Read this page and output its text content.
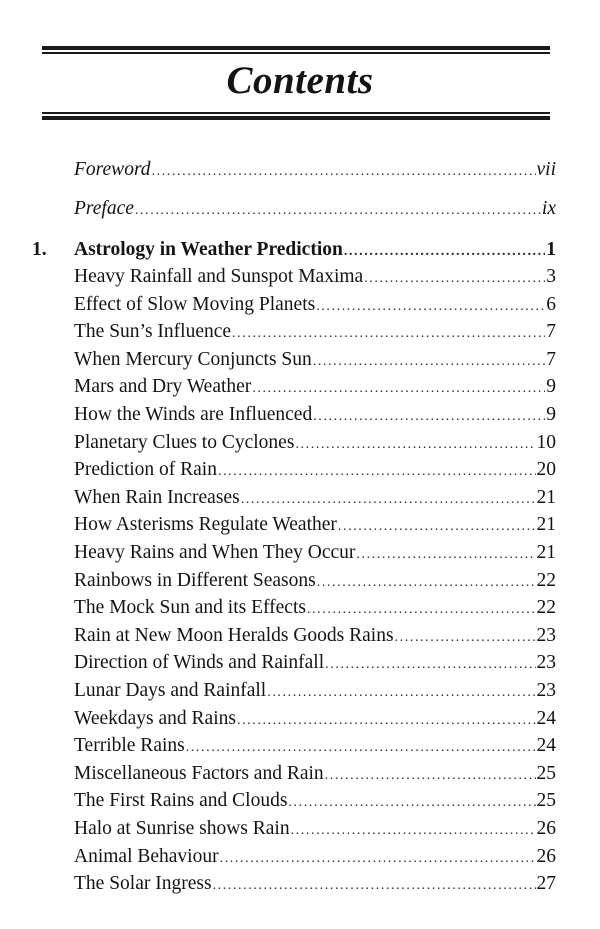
Contents
Foreword .....	vii
Preface .....	ix
1.	Astrology in Weather Prediction .....	1
Heavy Rainfall and Sunspot Maxima .....	3
Effect of Slow Moving Planets .....	6
The Sun’s Influence .....	7
When Mercury Conjuncts Sun .....	7
Mars and Dry Weather .....	9
How the Winds are Influenced .....	9
Planetary Clues to Cyclones .....	10
Prediction of Rain .....	20
When Rain Increases .....	21
How Asterisms Regulate Weather .....	21
Heavy Rains and When They Occur .....	21
Rainbows in Different Seasons .....	22
The Mock Sun and its Effects .....	22
Rain at New Moon Heralds Goods Rains .....	23
Direction of Winds and Rainfall .....	23
Lunar Days and Rainfall .....	23
Weekdays and Rains .....	24
Terrible Rains .....	24
Miscellaneous Factors and Rain .....	25
The First Rains and Clouds .....	25
Halo at Sunrise shows Rain .....	26
Animal Behaviour .....	26
The Solar Ingress .....	27
